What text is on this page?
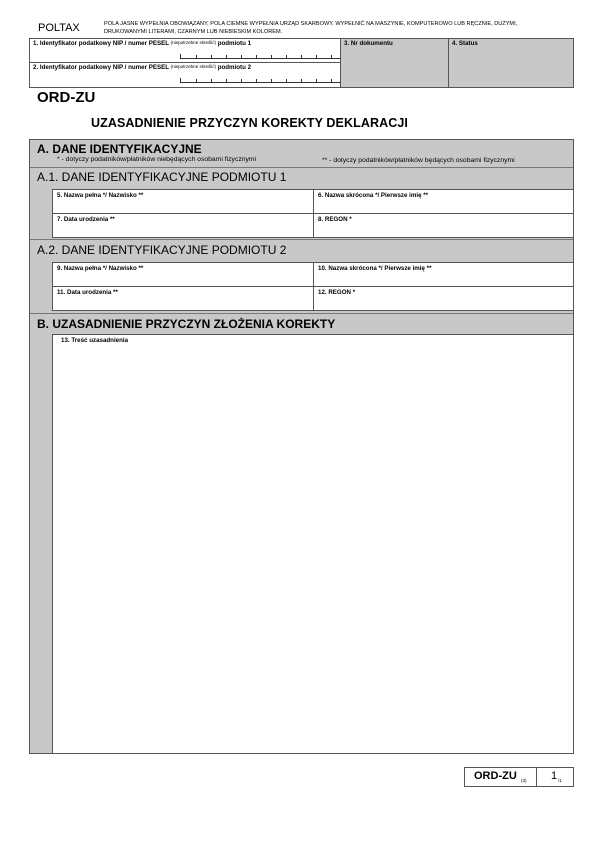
POLTAX	POLA JASNE WYPEŁNIA OBOWIĄZANY, POLA CIEMNE WYPEŁNIA URZĄD SKARBOWY. WYPEŁNIĆ NA MASZYNIE, KOMPUTEROWO LUB RĘCZNIE, DUŻYMI,
DRUKOWANYMI LITERAMI, CZARNYM LUB NIEBIESKIM KOLOREM.
1. Identyfikator podatkowy NIP / numer PESEL $^{(niepotrzebne skreślić)}$ podmiotu 1
2. Identyfikator podatkowy NIP / numer PESEL $^{(niepotrzebne skreślić)}$ podmiotu 2
3. Nr dokumentu	4. Status
ORD-ZU
UZASADNIENIE PRZYCZYN KOREKTY DEKLARACJI
A. DANE IDENTYFIKACYJNE
* - dotyczy podatników/płatników niebędących osobami fizycznymi	** - dotyczy podatników/płatników będących osobami fizycznymi
A.1. DANE IDENTYFIKACYJNE PODMIOTU 1
5. Nazwa pełna */ Nazwisko **	6. Nazwa skrócona */ Pierwsze imię **
7. Data urodzenia **	8. REGON *
A.2. DANE IDENTYFIKACYJNE PODMIOTU 2
9. Nazwa pełna */ Nazwisko **	10. Nazwa skrócona */ Pierwsze imię **
11. Data urodzenia **	12. REGON *
B. UZASADNIENIE PRZYCZYN ZŁOŻENIA KOREKTY
13. Treść uzasadnienia
ORD-ZU (3) 1 /1
